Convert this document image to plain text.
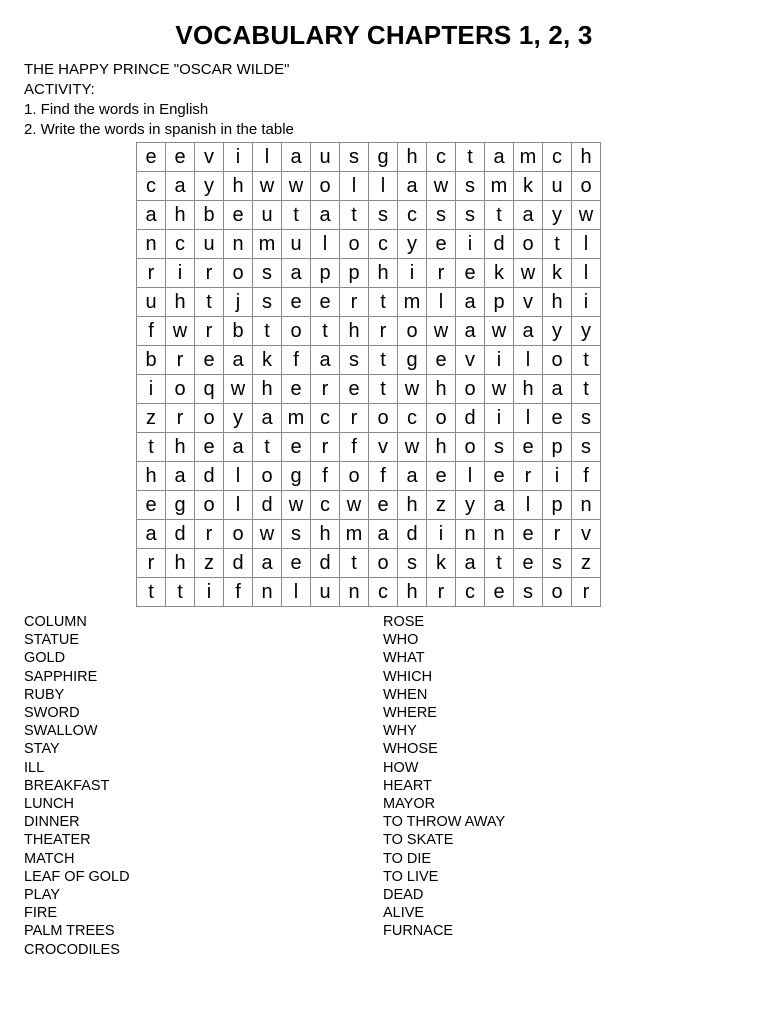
VOCABULARY CHAPTERS 1, 2, 3
THE HAPPY PRINCE "OSCAR WILDE"
ACTIVITY:
1. Find the words in English
2. Write the words in spanish in the table
e	e	v	i	l	a	u	s	g	h	c	t	a	m	c	h
c	a	y	h	w	w	o	l	l	a	w	s	m	k	u	o
a	h	b	e	u	t	a	t	s	c	s	s	t	a	y	w
n	c	u	n	m	u	l	o	c	y	e	i	d	o	t	l
r	i	r	o	s	a	p	p	h	i	r	e	k	w	k	l
u	h	t	j	s	e	e	r	t	m	l	a	p	v	h	i
f	w	r	b	t	o	t	h	r	o	w	a	w	a	y	y
b	r	e	a	k	f	a	s	t	g	e	v	i	l	o	t
i	o	q	w	h	e	r	e	t	w	h	o	w	h	a	t
z	r	o	y	a	m	c	r	o	c	o	d	i	l	e	s
t	h	e	a	t	e	r	f	v	w	h	o	s	e	p	s
h	a	d	l	o	g	f	o	f	a	e	l	e	r	i	f
e	g	o	l	d	w	c	w	e	h	z	y	a	l	p	n
a	d	r	o	w	s	h	m	a	d	i	n	n	e	r	v
r	h	z	d	a	e	d	t	o	s	k	a	t	e	s	z
t	t	i	f	n	l	u	n	c	h	r	c	e	s	o	r
COLUMN
STATUE
GOLD
SAPPHIRE
RUBY
SWORD
SWALLOW
STAY
ILL
BREAKFAST
LUNCH
DINNER
THEATER
MATCH
LEAF OF GOLD
PLAY
FIRE
PALM TREES
CROCODILES
ROSE
WHO
WHAT
WHICH
WHEN
WHERE
WHY
WHOSE
HOW
HEART
MAYOR
TO THROW AWAY
TO SKATE
TO DIE
TO LIVE
DEAD
ALIVE
FURNACE
